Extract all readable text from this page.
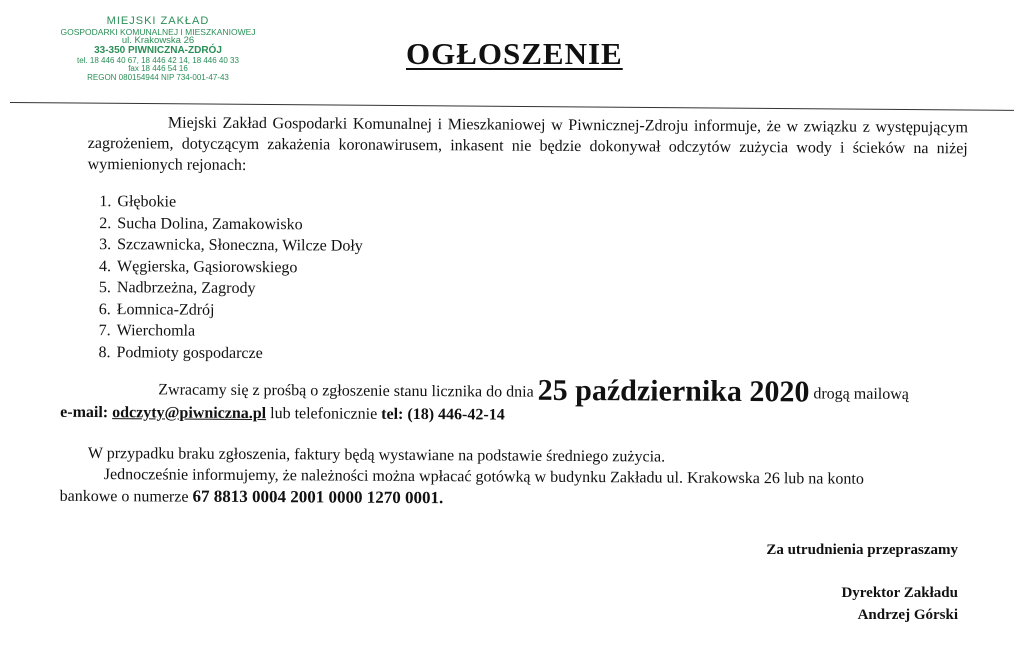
MIEJSKI ZAKŁAD
GOSPODARKI KOMUNALNEJ I MIESZKANIOWEJ
ul. Krakowska 26
33-350 PIWNICZNA-ZDRÓJ
tel. 18 446 40 67, 18 446 42 14, 18 446 40 33
fax 18 446 54 16
REGON 080154944 NIP 734-001-47-43
OGŁOSZENIE

Miejski Zakład Gospodarki Komunalnej i Mieszkaniowej w Piwnicznej-Zdroju informuje, że w związku z występującym zagrożeniem, dotyczącym zakażenia koronawirusem, inkasent nie będzie dokonywał odczytów zużycia wody i ścieków na niżej wymienionych rejonach:

1. Głębokie
2. Sucha Dolina, Zamakowisko
3. Szczawnicka, Słoneczna, Wilcze Doły
4. Węgierska, Gąsiorowskiego
5. Nadbrzeżna, Zagrody
6. Łomnica-Zdrój
7. Wierchomla
8. Podmioty gospodarcze
Zwracamy się z prośbą o zgłoszenie stanu licznika do dnia 25 października 2020 drogą mailową
e-mail: odczyty@piwniczna.pl lub telefonicznie tel: (18) 446-42-14
W przypadku braku zgłoszenia, faktury będą wystawiane na podstawie średniego zużycia.
Jednocześnie informujemy, że należności można wpłacać gotówką w budynku Zakładu ul. Krakowska 26 lub na konto
bankowe o numerze 67 8813 0004 2001 0000 1270 0001.
Za utrudnienia przepraszamy
Dyrektor Zakładu
Andrzej Górski
